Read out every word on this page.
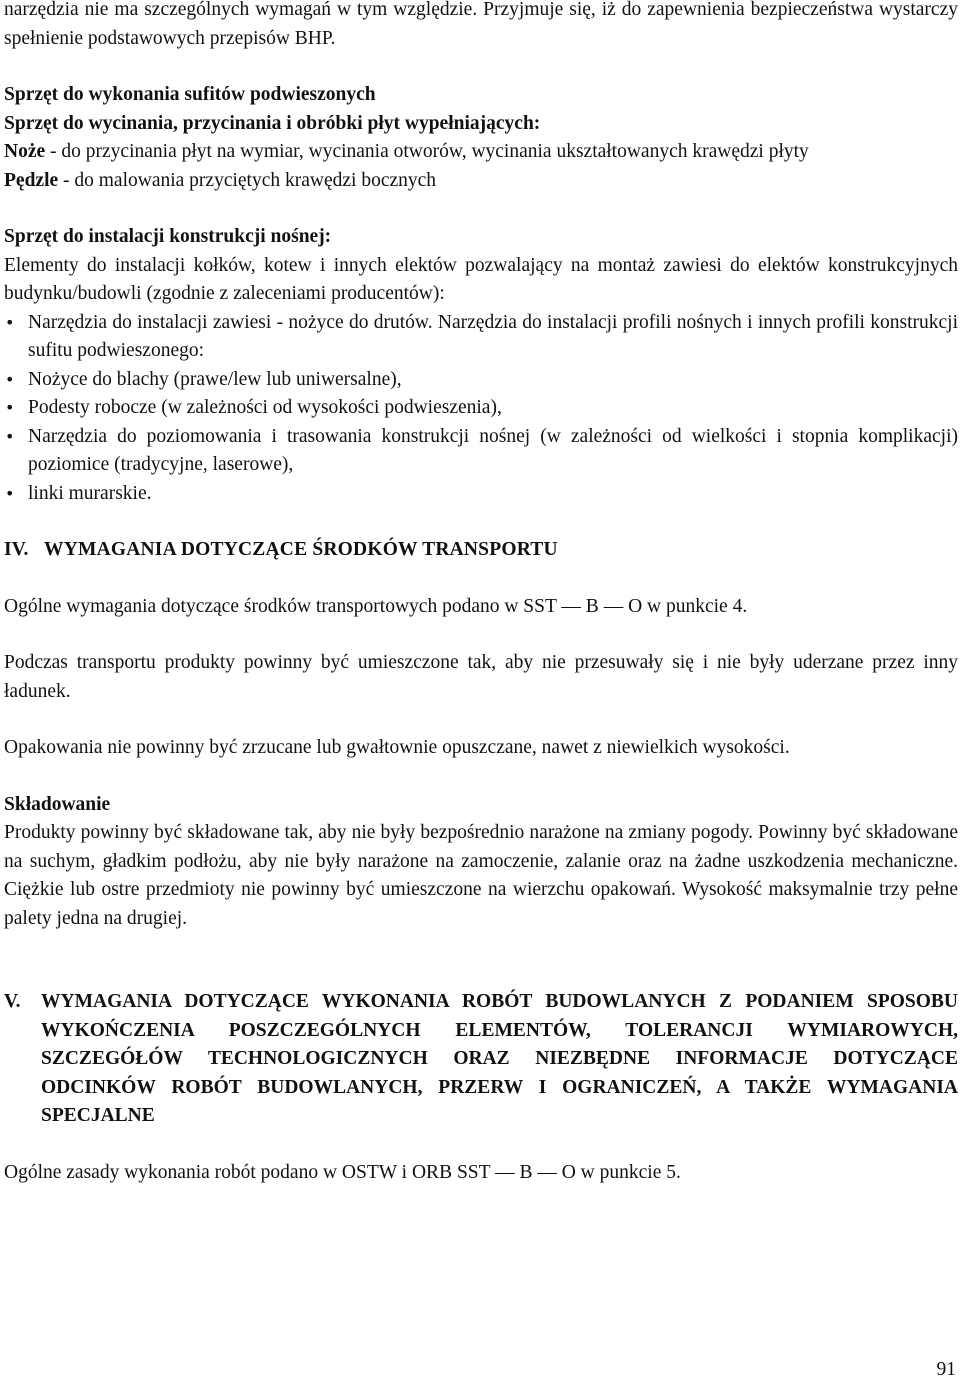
narzędzia nie ma szczególnych wymagań w tym względzie. Przyjmuje się, iż do zapewnienia bezpieczeństwa wystarczy spełnienie podstawowych przepisów BHP.

Sprzęt do wykonania sufitów podwieszonych
Sprzęt do wycinania, przycinania i obróbki płyt wypełniających:

Noże - do przycinania płyt na wymiar, wycinania otworów, wycinania ukształtowanych krawędzi płyty

Pędzle - do malowania przyciętych krawędzi bocznych

Sprzęt do instalacji konstrukcji nośnej:

Elementy do instalacji kołków, kotew i innych elektów pozwalający na montaż zawiesi do elektów konstrukcyjnych budynku/budowli (zgodnie z zaleceniami producentów):

• Narzędzia do instalacji zawiesi - nożyce do drutów. Narzędzia do instalacji profili nośnych i innych profili konstrukcji sufitu podwieszonego:
• Nożyce do blachy (prawe/lew lub uniwersalne),
• Podesty robocze (w zależności od wysokości podwieszenia),
• Narzędzia do poziomowania i trasowania konstrukcji nośnej (w zależności od wielkości i stopnia komplikacji) poziomice (tradycyjne, laserowe),
• linki murarskie.
IV. WYMAGANIA DOTYCZĄCE ŚRODKÓW TRANSPORTU

Ogólne wymagania dotyczące środków transportowych podano w SST — B — O w punkcie 4.

Podczas transportu produkty powinny być umieszczone tak, aby nie przesuwały się i nie były uderzane przez inny ładunek.

Opakowania nie powinny być zrzucane lub gwałtownie opuszczane, nawet z niewielkich wysokości.

Składowanie

Produkty powinny być składowane tak, aby nie były bezpośrednio narażone na zmiany pogody. Powinny być składowane na suchym, gładkim podłożu, aby nie były narażone na zamoczenie, zalanie oraz na żadne uszkodzenia mechaniczne. Ciężkie lub ostre przedmioty nie powinny być umieszczone na wierzchu opakowań. Wysokość maksymalnie trzy pełne palety jedna na drugiej.

V.	WYMAGANIA DOTYCZĄCE WYKONANIA ROBÓT BUDOWLANYCH Z PODANIEM SPOSOBU WYKOŃCZENIA POSZCZEGÓLNYCH ELEMENTÓW, TOLERANCJI WYMIAROWYCH, SZCZEGÓŁÓW TECHNOLOGICZNYCH ORAZ NIEZBĘDNE INFORMACJE DOTYCZĄCE ODCINKÓW ROBÓT BUDOWLANYCH, PRZERW I OGRANICZEŃ, A TAKŻE WYMAGANIA
SPECJALNE

Ogólne zasady wykonania robót podano w OSTW i ORB SST — B — O w punkcie 5.

91
